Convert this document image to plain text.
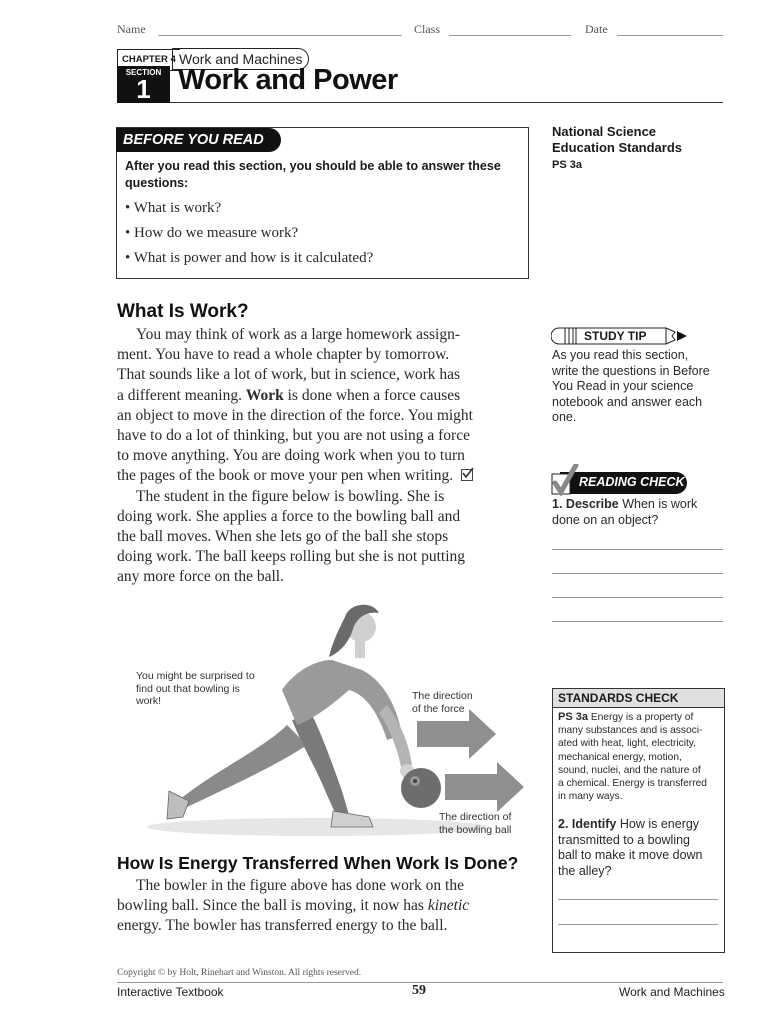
Name	Class	Date
CHAPTER 4 Work and Machines
SECTION
1 Work and Power
BEFORE YOU READ
After you read this section, you should be able to answer these questions:
• What is work?
• How do we measure work?
• What is power and how is it calculated?
National Science
Education Standards
PS 3a
What Is Work?
You may think of work as a large homework assign-
ment. You have to read a whole chapter by tomorrow.
That sounds like a lot of work, but in science, work has
a different meaning. Work is done when a force causes
an object to move in the direction of the force. You might
have to do a lot of thinking, but you are not using a force
to move anything. You are doing work when you to turn
the pages of the book or move your pen when writing.
The student in the figure below is bowling. She is
doing work. She applies a force to the bowling ball and
the ball moves. When she lets go of the ball she stops
doing work. The ball keeps rolling but she is not putting
any more force on the ball.
STUDY TIP
As you read this section,
write the questions in Before
You Read in your science
notebook and answer each
one.
READING CHECK
1. Describe When is work
done on an object?
You might be surprised to
find out that bowling is
work!	The direction
of the force
The direction of
the bowling ball
STANDARDS CHECK
PS 3a Energy is a property of
many substances and is associ-
ated with heat, light, electricity,
mechanical energy, motion,
sound, nuclei, and the nature of
a chemical. Energy is transferred
in many ways.
2. Identify How is energy
transmitted to a bowling
ball to make it move down
the alley?
How Is Energy Transferred When Work Is Done?
The bowler in the figure above has done work on the
bowling ball. Since the ball is moving, it now has kinetic
energy. The bowler has transferred energy to the ball.
Copyright © by Holt, Rinehart and Winston. All rights reserved.
Interactive Textbook	59	Work and Machines
